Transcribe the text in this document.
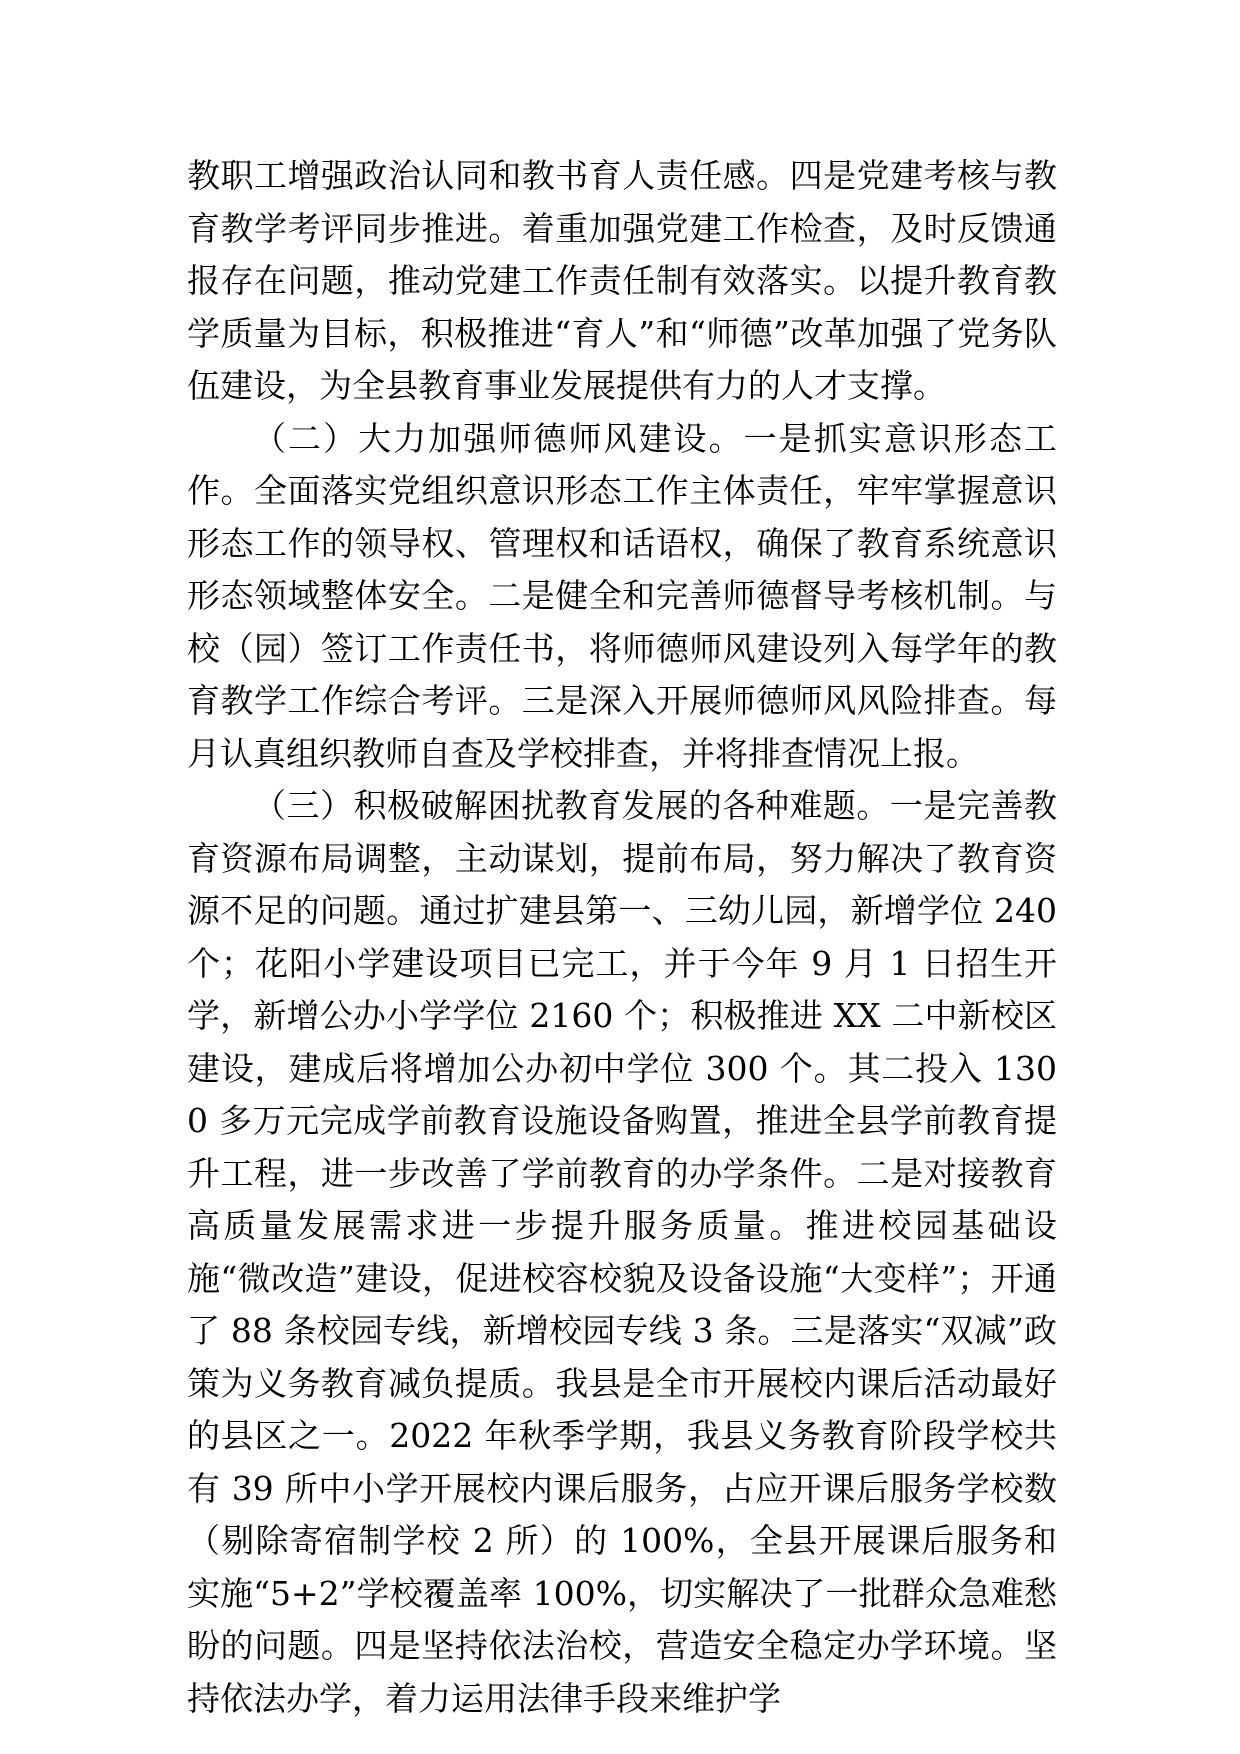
教职工增强政治认同和教书育人责任感。四是党建考核与教育教学考评同步推进。着重加强党建工作检查，及时反馈通报存在问题，推动党建工作责任制有效落实。以提升教育教学质量为目标，积极推进“育人”和“师德”改革加强了党务队伍建设，为全县教育事业发展提供有力的人才支撑。

（二）大力加强师德师风建设。一是抓实意识形态工作。全面落实党组织意识形态工作主体责任，牢牢掌握意识形态工作的领导权、管理权和话语权，确保了教育系统意识形态领域整体安全。二是健全和完善师德督导考核机制。与校（园）签订工作责任书，将师德师风建设列入每学年的教育教学工作综合考评。三是深入开展师德师风风险排查。每月认真组织教师自查及学校排查，并将排查情况上报。

（三）积极破解困扰教育发展的各种难题。一是完善教育资源布局调整，主动谋划，提前布局，努力解决了教育资源不足的问题。通过扩建县第一、三幼儿园，新增学位 240 个；花阳小学建设项目已完工，并于今年 9 月 1 日招生开学，新增公办小学学位 2160 个；积极推进 XX 二中新校区建设，建成后将增加公办初中学位 300 个。其二投入 1300 多万元完成学前教育设施设备购置，推进全县学前教育提升工程，进一步改善了学前教育的办学条件。二是对接教育高质量发展需求进一步提升服务质量。推进校园基础设施“微改造”建设，促进校容校貌及设备设施“大变样”；开通了 88 条校园专线，新增校园专线 3 条。三是落实“双减”政策为义务教育减负提质。我县是全市开展校内课后活动最好的县区之一。2022 年秋季学期，我县义务教育阶段学校共有 39 所中小学开展校内课后服务，占应开课后服务学校数（剔除寄宿制学校 2 所）的 100%，全县开展课后服务和实施“5+2”学校覆盖率 100%，切实解决了一批群众急难愁盼的问题。四是坚持依法治校，营造安全稳定办学环境。坚持依法办学，着力运用法律手段来维护学
